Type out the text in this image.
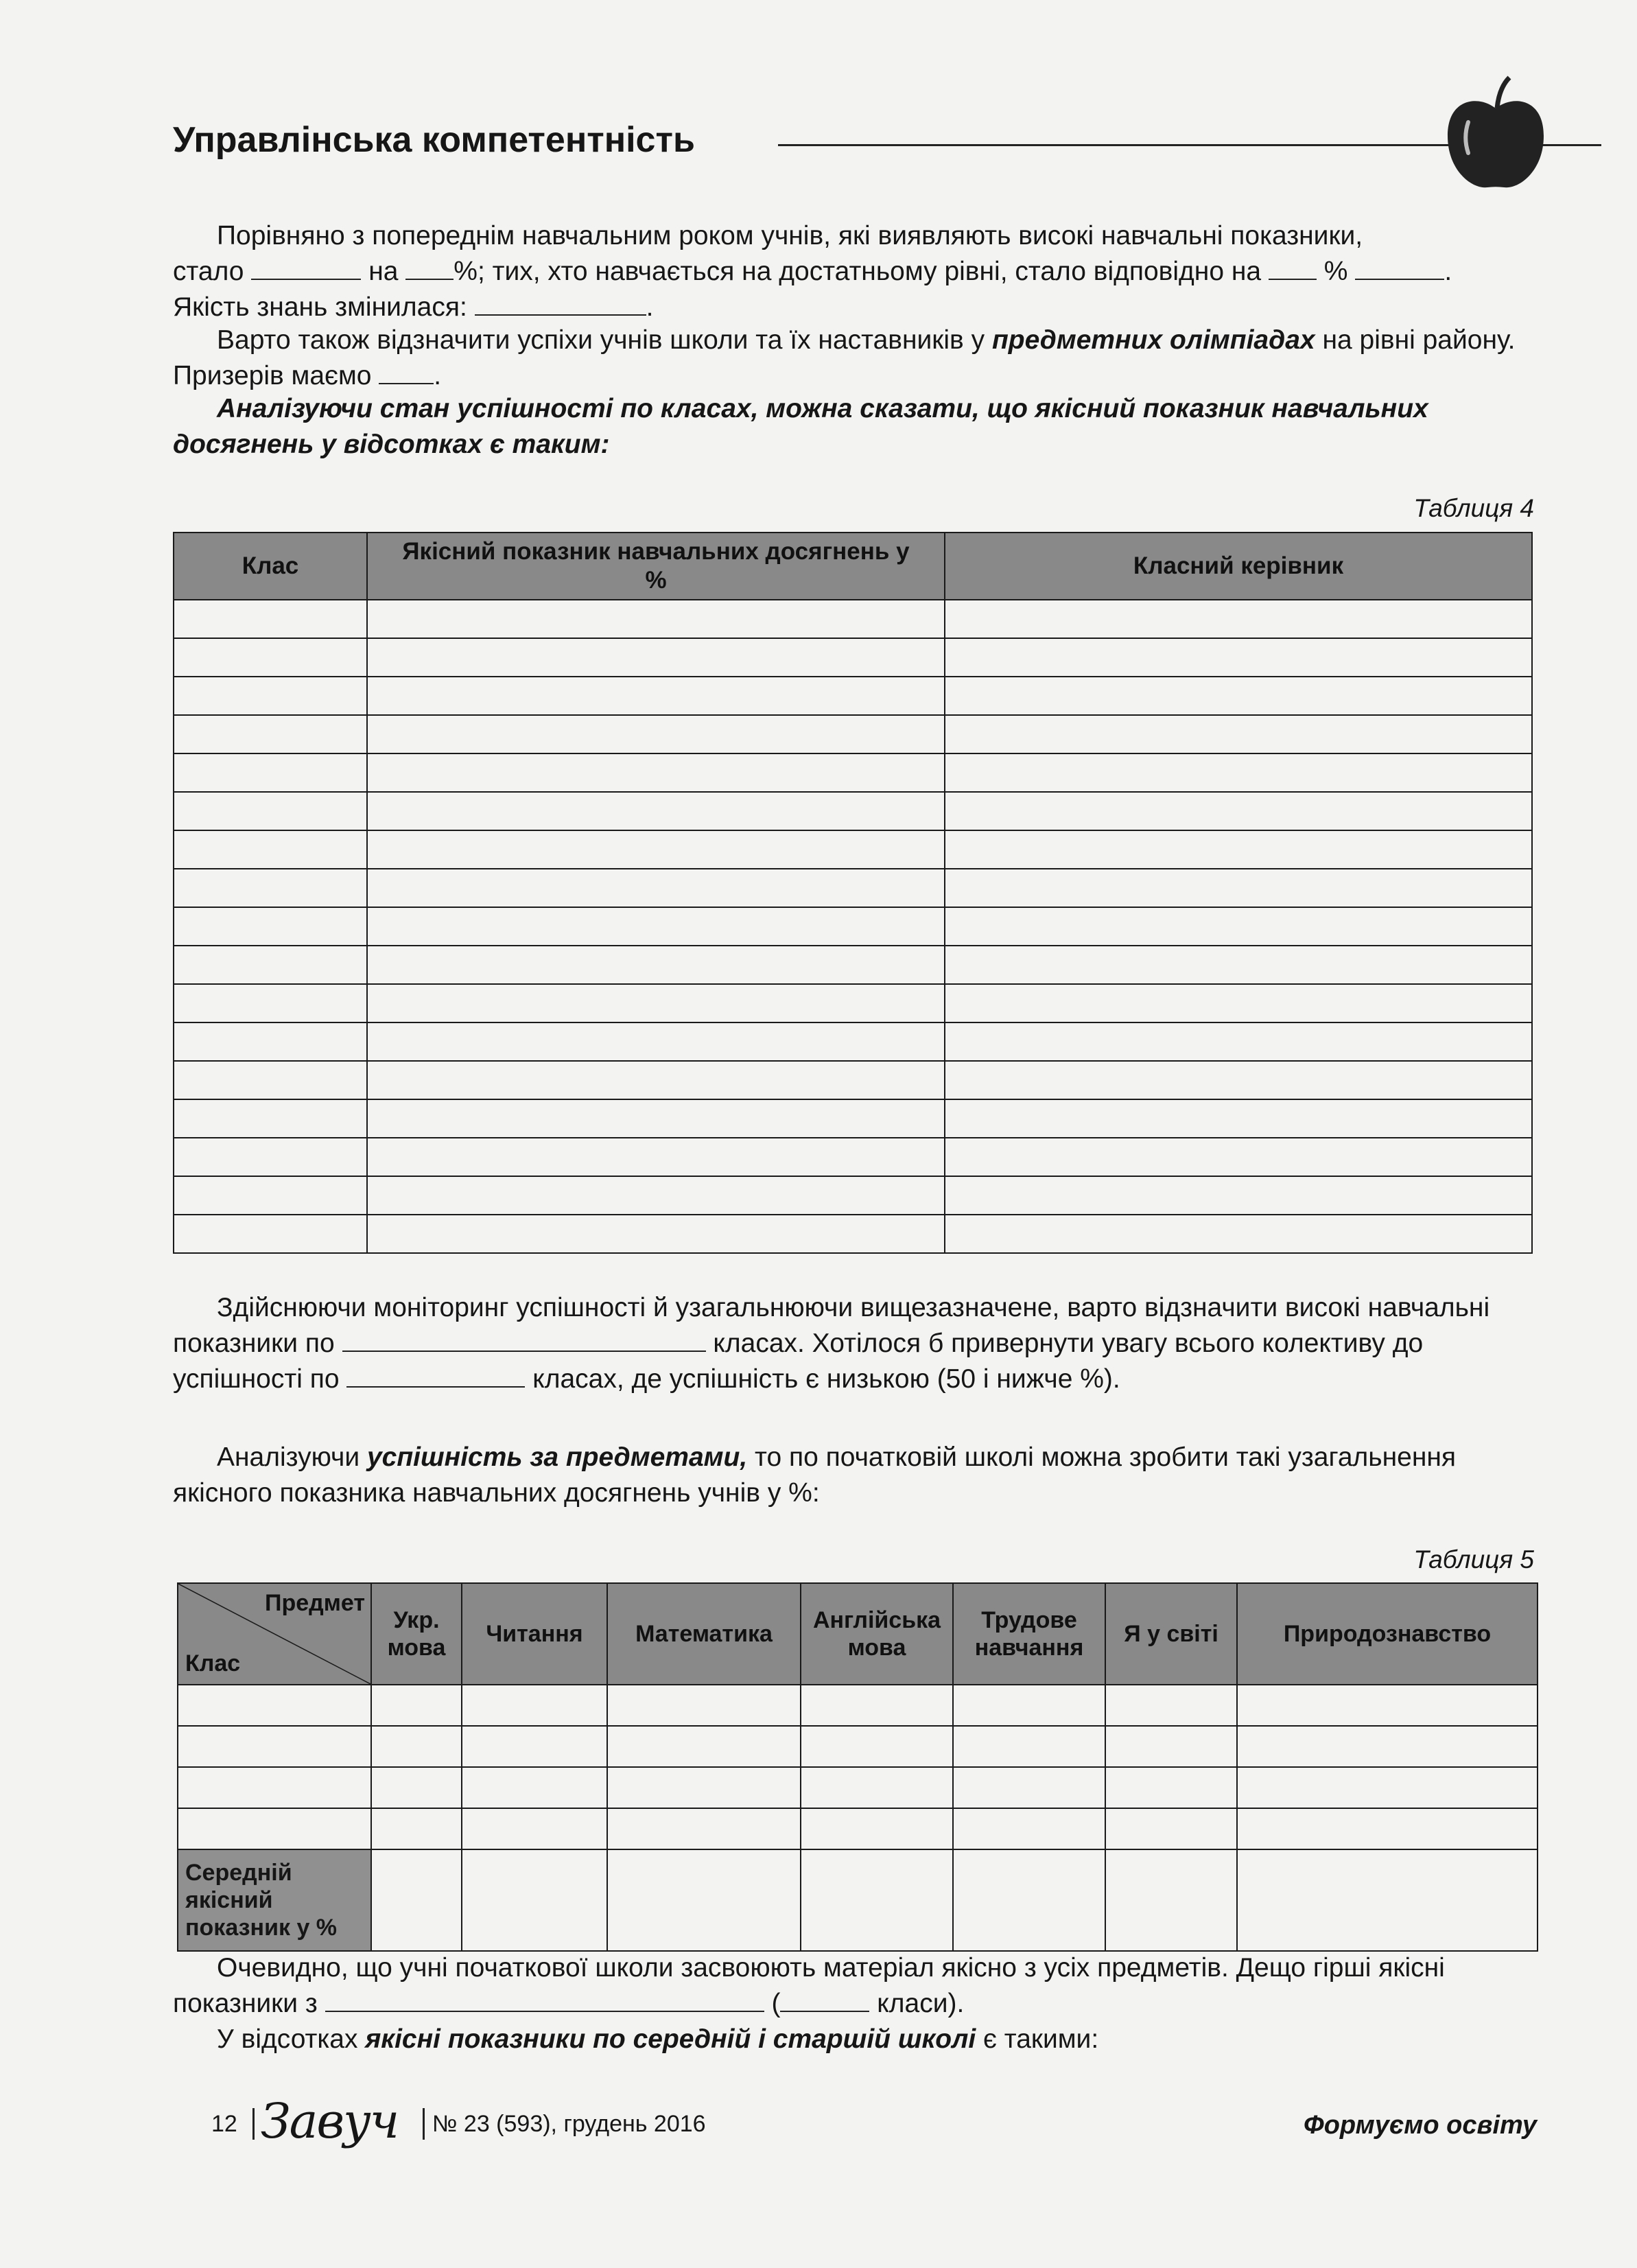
Управлінська компетентність

Порівняно з попереднім навчальним роком учнів, які виявляють високі навчальні показники,

стало	на %; тих, хто навчається на достатньому рівні, стало відповідно на %	.

Якість знань змінилася:	.

Варто також відзначити успіхи учнів школи та їх наставників у предметних олімпіадах на рівні району. Призерів маємо .

Аналізуючи стан успішності по класах, можна сказати, що якісний показник навчальних досягнень у відсотках є таким:

Таблиця 4
Клас	Якісний показник навчальних досягнень у %	Класний керівник

Здійснюючи моніторинг успішності й узагальнюючи вищезазначене, варто відзначити високі навчальні показники по	класах. Хотілося б привернути увагу всього колективу до успішності по	класах, де успішність є низькою (50 і нижче %).

Аналізуючи успішність за предметами, то по початковій школі можна зробити такі узагальнення якісного показника навчальних досягнень учнів у %:

Таблиця 5
Предмет
Клас	Укр. мова	Читання	Математика	Англійська мова	Трудове навчання	Я у світі	Природознавство

Середній якісний показник у %							

Очевидно, що учні початкової школи засвоюють матеріал якісно з усіх предметів. Дещо гірші якісні показники з	(	класи).

У відсотках якісні показники по середній і старшій школі є такими:

12 Завуч № 23 (593), грудень 2016	Формуємо освіту
